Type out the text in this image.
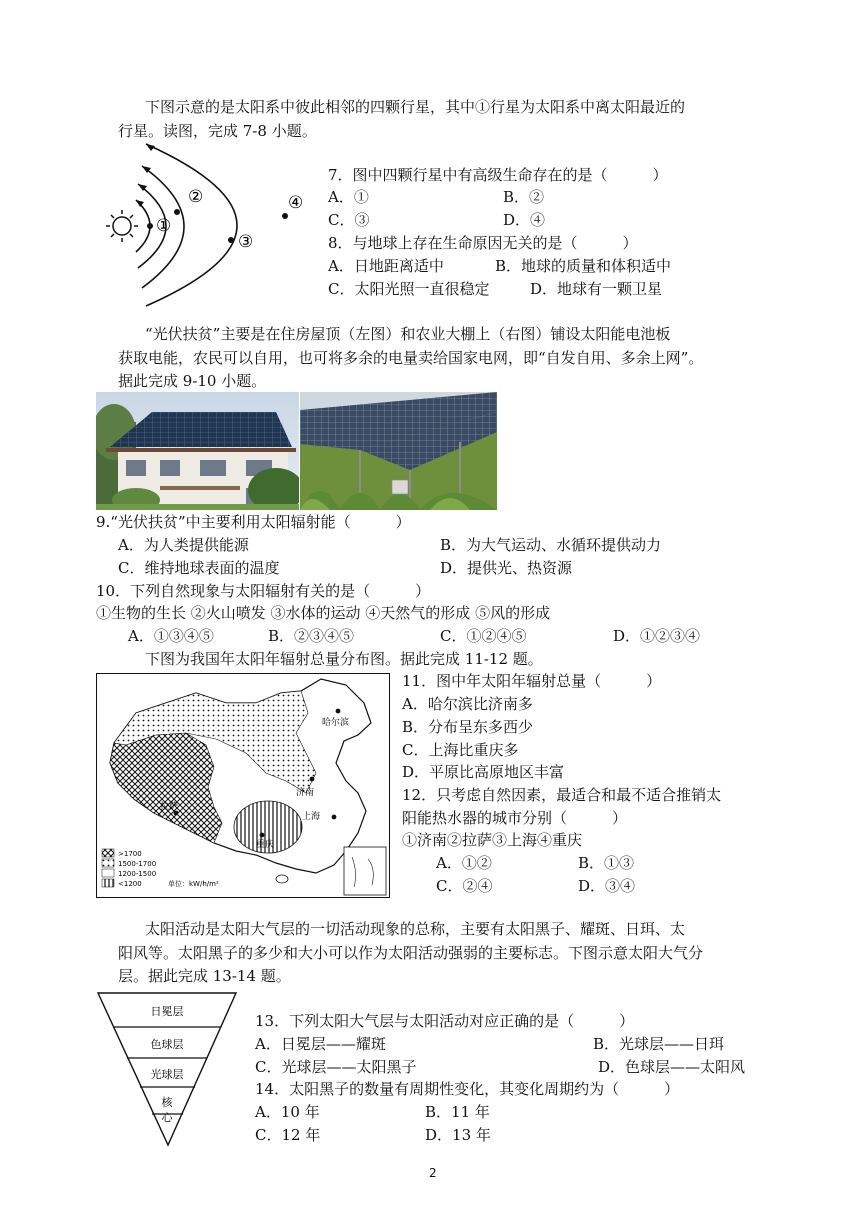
下图示意的是太阳系中彼此相邻的四颗行星，其中①行星为太阳系中离太阳最近的
行星。读图，完成 7-8 小题。
①
②
③
④
7．图中四颗行星中有高级生命存在的是（　　　）
A．①	B．②
C．③	D．④
8．与地球上存在生命原因无关的是（　　　）
A．日地距离适中	B．地球的质量和体积适中
C．太阳光照一直很稳定	D．地球有一颗卫星
“光伏扶贫”主要是在住房屋顶（左图）和农业大棚上（右图）铺设太阳能电池板
获取电能，农民可以自用，也可将多余的电量卖给国家电网，即“自发自用、多余上网”。
据此完成 9-10 小题。
9.“光伏扶贫”中主要利用太阳辐射能（　　　）
A．为人类提供能源	B．为大气运动、水循环提供动力
C．维持地球表面的温度	D．提供光、热资源
10．下列自然现象与太阳辐射有关的是（　　　）
①生物的生长 ②火山喷发 ③水体的运动 ④天然气的形成 ⑤风的形成
A．①③④⑤	B．②③④⑤	C．①②④⑤	D．①②③④
下图为我国年太阳年辐射总量分布图。据此完成 11-12 题。
哈尔滨
济南
拉萨
上海
重庆
>1700
1500-1700
1200-1500
<1200	单位：kW/h/m²
11．图中年太阳年辐射总量（　　　）
A．哈尔滨比济南多
B．分布呈东多西少
C．上海比重庆多
D．平原比高原地区丰富
12．只考虑自然因素，最适合和最不适合推销太
阳能热水器的城市分别（　　　）
①济南②拉萨③上海④重庆
A．①②	B．①③
C．②④	D．③④
太阳活动是太阳大气层的一切活动现象的总称，主要有太阳黑子、耀斑、日珥、太
阳风等。太阳黑子的多少和大小可以作为太阳活动强弱的主要标志。下图示意太阳大气分
层。据此完成 13-14 题。
日冕层
色球层
光球层
核
心
13．下列太阳大气层与太阳活动对应正确的是（　　　）
A．日冕层——耀斑	B．光球层——日珥
C．光球层——太阳黑子	D．色球层——太阳风
14．太阳黑子的数量有周期性变化，其变化周期约为（　　　）
A．10 年	B．11 年
C．12 年	D．13 年
2
